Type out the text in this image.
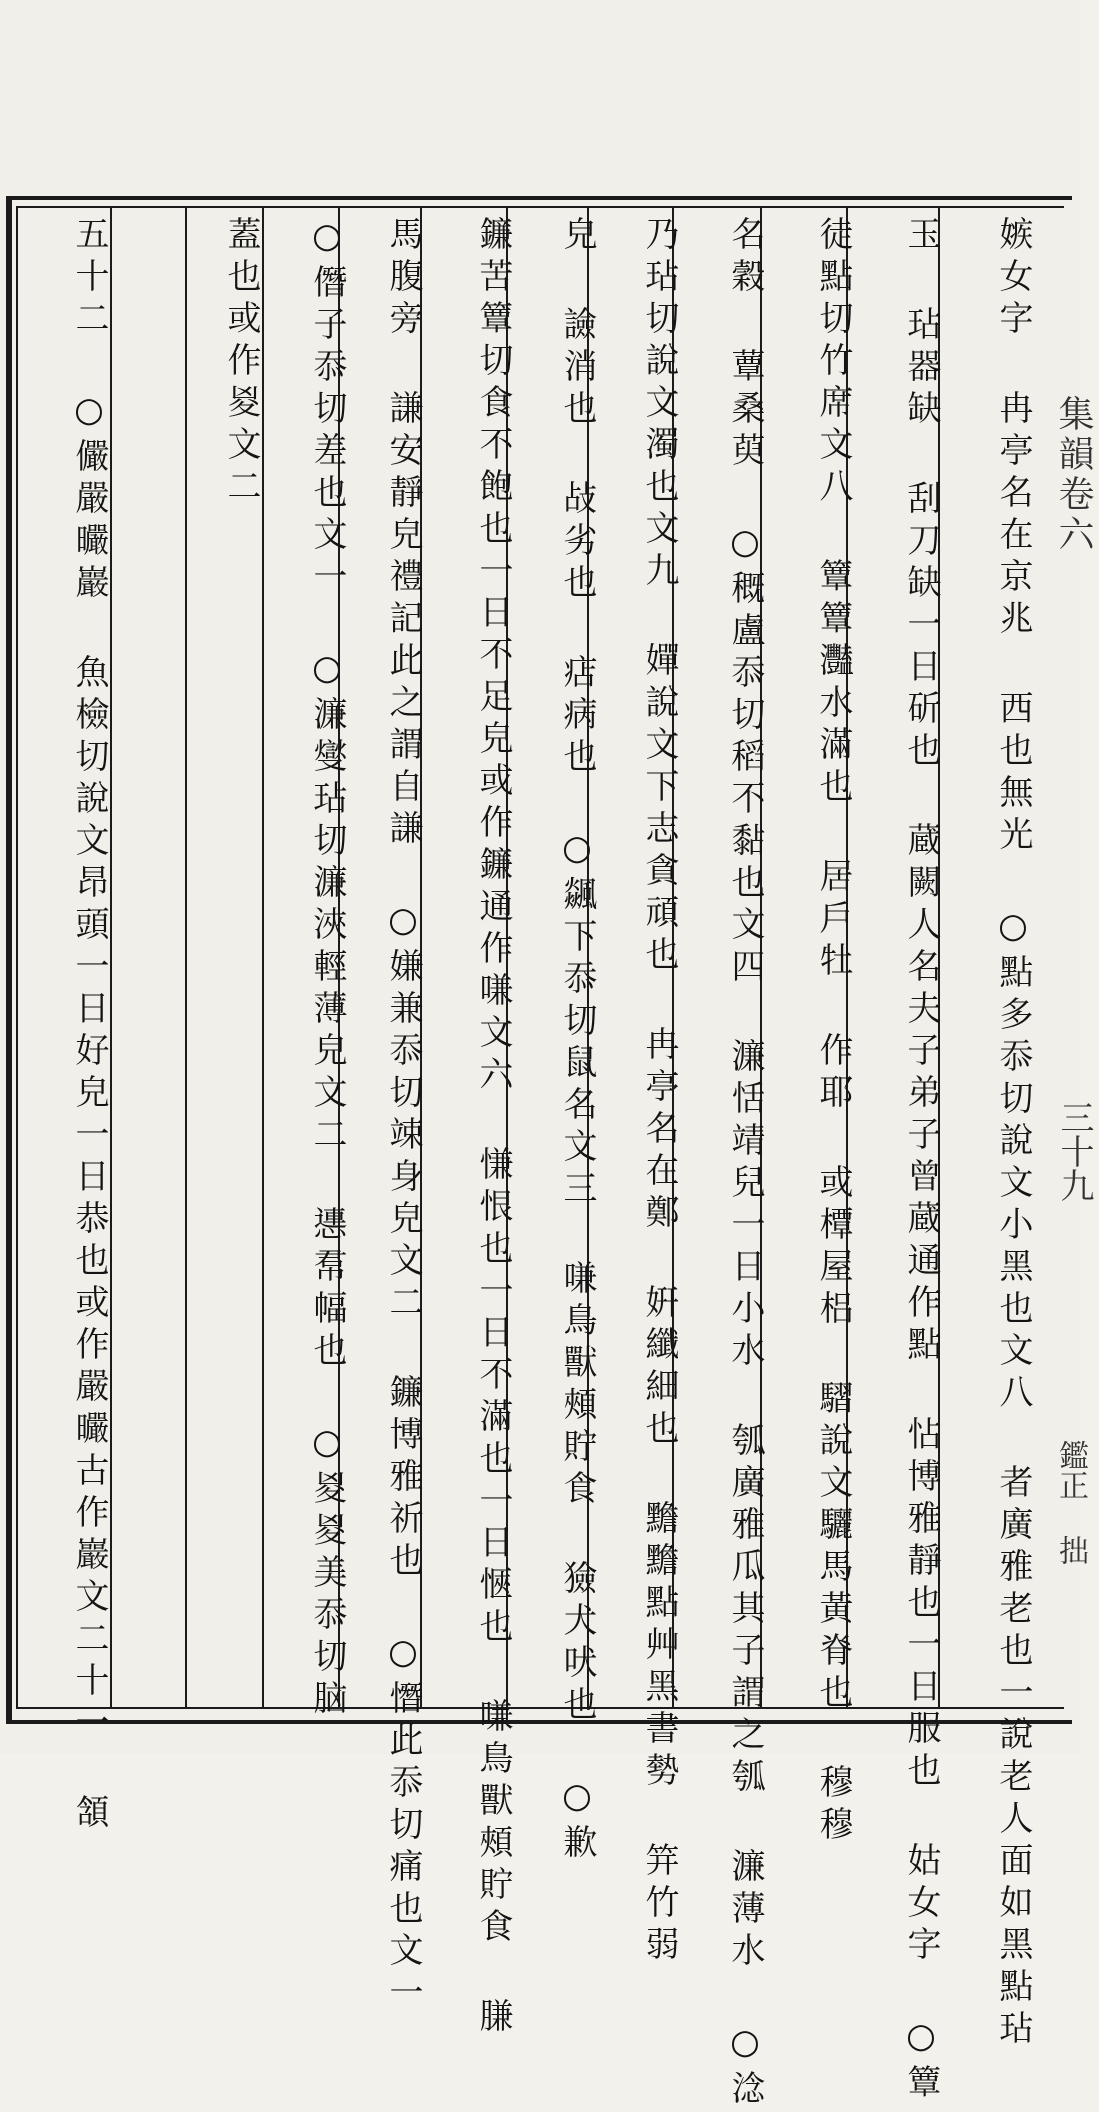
集韻卷六
三十九
鑑正 拙
嫉女字 冉亭名在京兆 西也無光 ○點多忝切說文小黑也文八 者廣雅老也一說老人面如黑點玷
玉 玷器缺 刮刀缺一日斫也 蔵闕人名夫子弟子曾蔵通作點 怗博雅靜也一日服也 姑女字 ○簟
徒點切竹席文八 簟簟灩水滿也 居戶牡 作耶 或橝屋梠 騽說文驪馬黃脊也 穆穆
名穀 蕈桑萸 ○穊盧忝切稻不黏也文四 濂恬靖兒一日小水 瓠廣雅瓜其子謂之瓠 濂薄水 ○淰
乃玷切說文濁也文九 嬋說文下志貪頑也 冉亭名在鄭 姸纖細也 黵黵點艸黑書勢 笄竹弱
皃 譣消也 敁劣也 痁病也 ○飊下忝切鼠名文三 嗛鳥獸頰貯食 獫犬吠也 ○歉
鐮苦簟切食不飽也一日不足皃或作鐮通作嗛文六 慊恨也一日不滿也一日愜也 嗛鳥獸頰貯食 膁
馬腹旁 謙安靜皃禮記此之謂自謙 ○嫌兼忝切竦身皃文二 鐮博雅祈也 ○憯此忝切痛也文一
○僭子忝切差也文一 ○濂燮玷切濂浹輕薄皃文二 㦁帬幅也 ○㚇㚇美忝切脑
蓋也或作㚇文二
五十二 ○儼嚴曮巖 魚檢切說文昂頭一日好皃一日恭也或作嚴曮古作巖文二十一 頷
